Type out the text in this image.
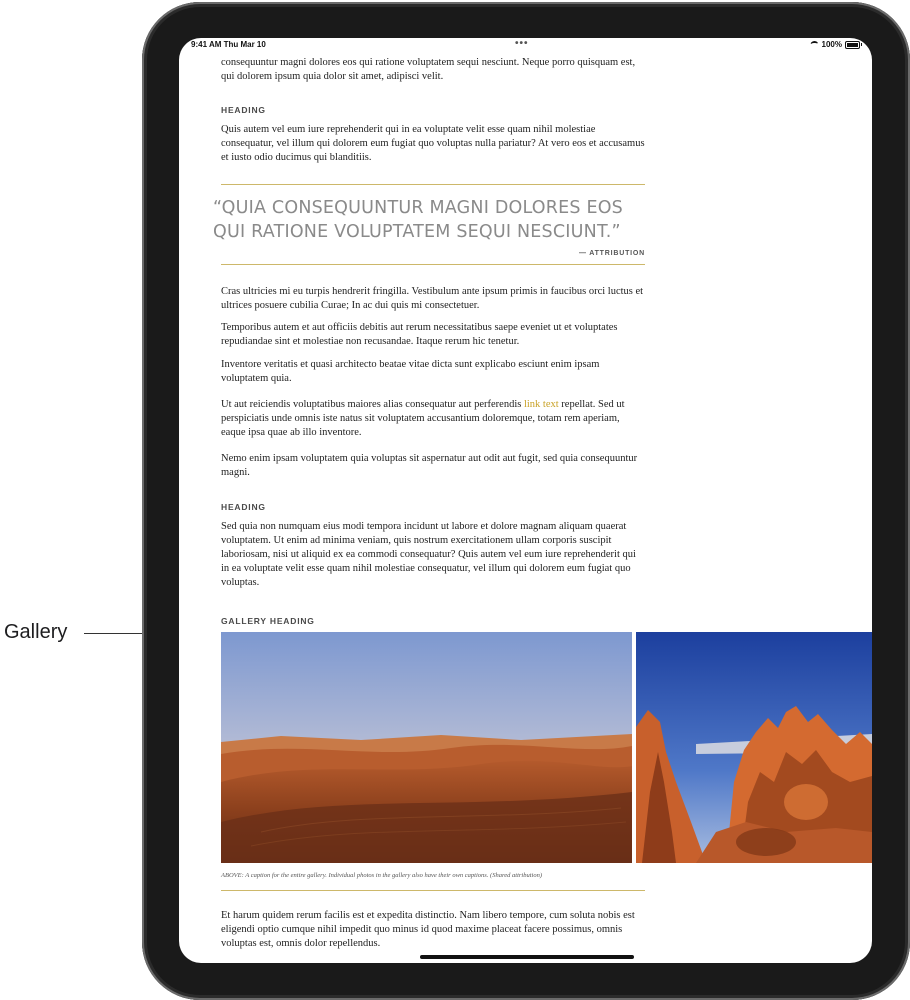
Gallery
9:41 AM Thu Mar 10	•••	100%

consequuntur magni dolores eos qui ratione voluptatem sequi nesciunt. Neque porro quisquam est, qui dolorem ipsum quia dolor sit amet, adipisci velit.

HEADING

Quis autem vel eum iure reprehenderit qui in ea voluptate velit esse quam nihil molestiae consequatur, vel illum qui dolorem eum fugiat quo voluptas nulla pariatur? At vero eos et accusamus et iusto odio ducimus qui blanditiis.

“QUIA CONSEQUUNTUR MAGNI DOLORES EOS QUI RATIONE VOLUPTATEM SEQUI NESCIUNT.”
— ATTRIBUTION

Cras ultricies mi eu turpis hendrerit fringilla. Vestibulum ante ipsum primis in faucibus orci luctus et ultrices posuere cubilia Curae; In ac dui quis mi consectetuer.

Temporibus autem et aut officiis debitis aut rerum necessitatibus saepe eveniet ut et voluptates repudiandae sint et molestiae non recusandae. Itaque rerum hic tenetur.

Inventore veritatis et quasi architecto beatae vitae dicta sunt explicabo esciunt enim ipsam voluptatem quia.

Ut aut reiciendis voluptatibus maiores alias consequatur aut perferendis link text repellat. Sed ut perspiciatis unde omnis iste natus sit voluptatem accusantium doloremque, totam rem aperiam, eaque ipsa quae ab illo inventore.

Nemo enim ipsam voluptatem quia voluptas sit aspernatur aut odit aut fugit, sed quia consequuntur magni.

HEADING

Sed quia non numquam eius modi tempora incidunt ut labore et dolore magnam aliquam quaerat voluptatem. Ut enim ad minima veniam, quis nostrum exercitationem ullam corporis suscipit laboriosam, nisi ut aliquid ex ea commodi consequatur? Quis autem vel eum iure reprehenderit qui in ea voluptate velit esse quam nihil molestiae consequatur, vel illum qui dolorem eum fugiat quo voluptas.

GALLERY HEADING
ABOVE: A caption for the entire gallery. Individual photos in the gallery also have their own captions. (Shared attribution)

Et harum quidem rerum facilis est et expedita distinctio. Nam libero tempore, cum soluta nobis est eligendi optio cumque nihil impedit quo minus id quod maxime placeat facere possimus, omnis voluptas est, omnis dolor repellendus.
